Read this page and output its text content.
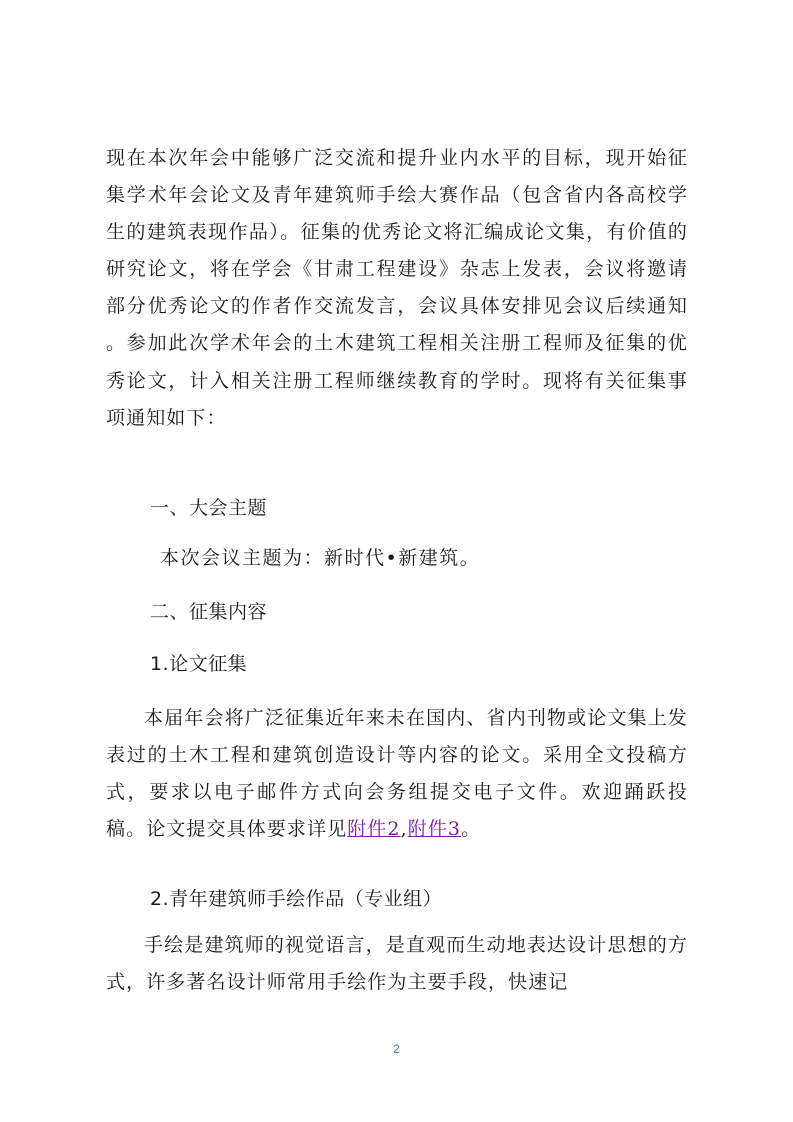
现在本次年会中能够广泛交流和提升业内水平的目标，现开始征集学术年会论文及青年建筑师手绘大赛作品（包含省内各高校学生的建筑表现作品）。征集的优秀论文将汇编成论文集，有价值的研究论文，将在学会《甘肃工程建设》杂志上发表，会议将邀请部分优秀论文的作者作交流发言，会议具体安排见会议后续通知 。参加此次学术年会的土木建筑工程相关注册工程师及征集的优秀论文，计入相关注册工程师继续教育的学时。现将有关征集事项通知如下：

一、大会主题

本次会议主题为：新时代•新建筑。

二、征集内容
1.论文征集

本届年会将广泛征集近年来未在国内、省内刊物或论文集上发表过的土木工程和建筑创造设计等内容的论文。采用全文投稿方式，要求以电子邮件方式向会务组提交电子文件。欢迎踊跃投稿。论文提交具体要求详见附件2,附件3。

2.青年建筑师手绘作品（专业组）

手绘是建筑师的视觉语言，是直观而生动地表达设计思想的方式，许多著名设计师常用手绘作为主要手段，快速记

2
